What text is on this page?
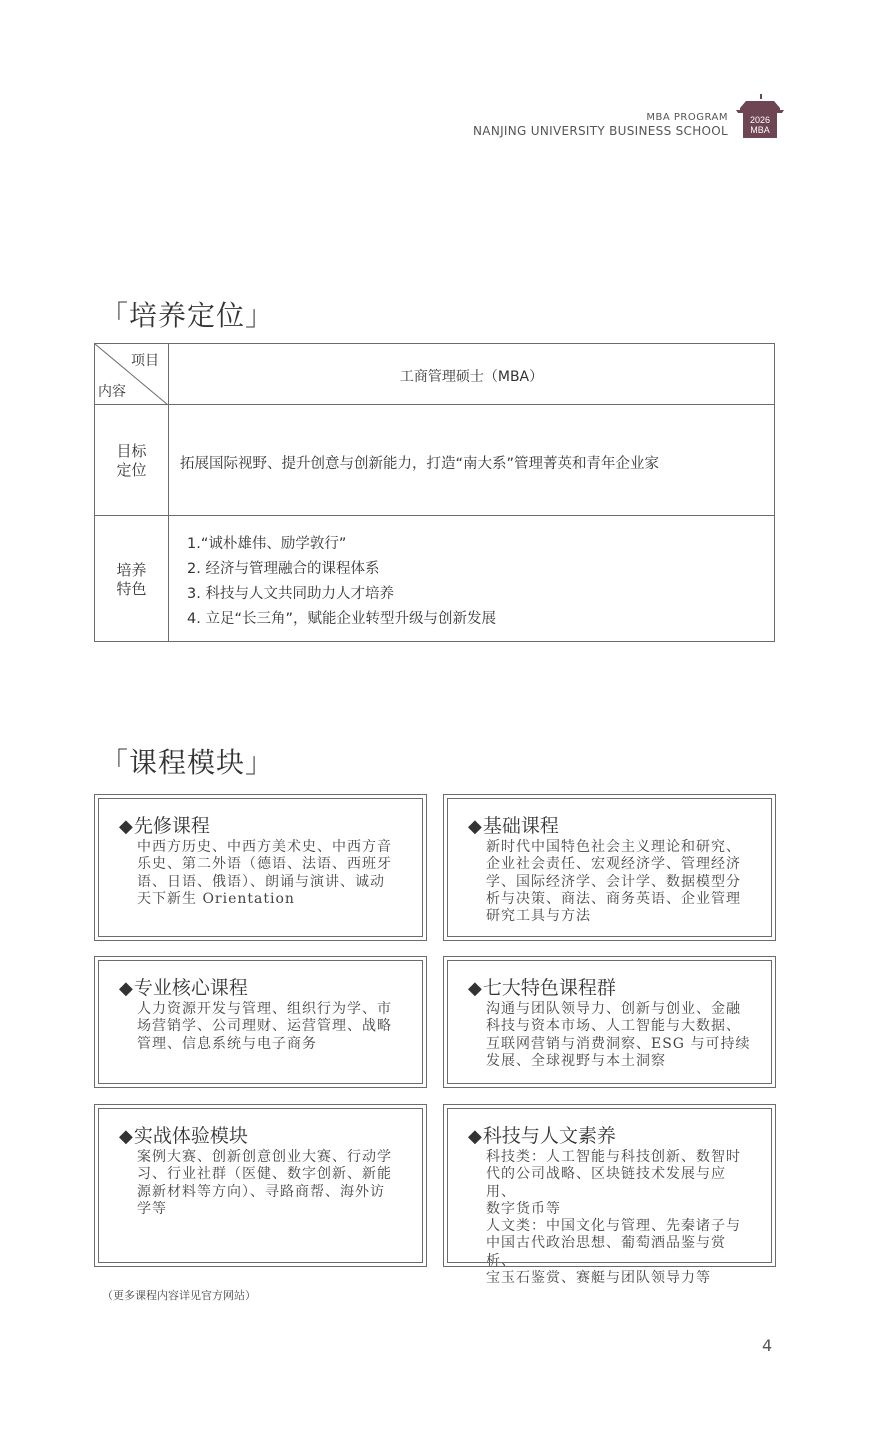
MBA PROGRAM
NANJING UNIVERSITY BUSINESS SCHOOL
2026
MBA
「培养定位」
项目
内容
工商管理硕士（MBA）
目标
定位	拓展国际视野、提升创意与创新能力，打造“南大系”管理菁英和青年企业家
培养
特色
1.“诚朴雄伟、励学敦行”
2. 经济与管理融合的课程体系
3. 科技与人文共同助力人才培养
4. 立足“长三角”，赋能企业转型升级与创新发展
「课程模块」
◆先修课程
中西方历史、中西方美术史、中西方音
乐史、第二外语（德语、法语、西班牙
语、日语、俄语）、朗诵与演讲、诚动
天下新生 Orientation
◆基础课程
新时代中国特色社会主义理论和研究、
企业社会责任、宏观经济学、管理经济
学、国际经济学、会计学、数据模型分
析与决策、商法、商务英语、企业管理
研究工具与方法
◆专业核心课程
人力资源开发与管理、组织行为学、市
场营销学、公司理财、运营管理、战略
管理、信息系统与电子商务
◆七大特色课程群
沟通与团队领导力、创新与创业、金融
科技与资本市场、人工智能与大数据、
互联网营销与消费洞察、ESG 与可持续
发展、全球视野与本土洞察
◆实战体验模块
案例大赛、创新创意创业大赛、行动学
习、行业社群（医健、数字创新、新能
源新材料等方向）、寻路商帮、海外访
学等
◆科技与人文素养
科技类：人工智能与科技创新、数智时
代的公司战略、区块链技术发展与应用、
数字货币等
人文类：中国文化与管理、先秦诸子与
中国古代政治思想、葡萄酒品鉴与赏析、
宝玉石鉴赏、赛艇与团队领导力等
（更多课程内容详见官方网站）
4
